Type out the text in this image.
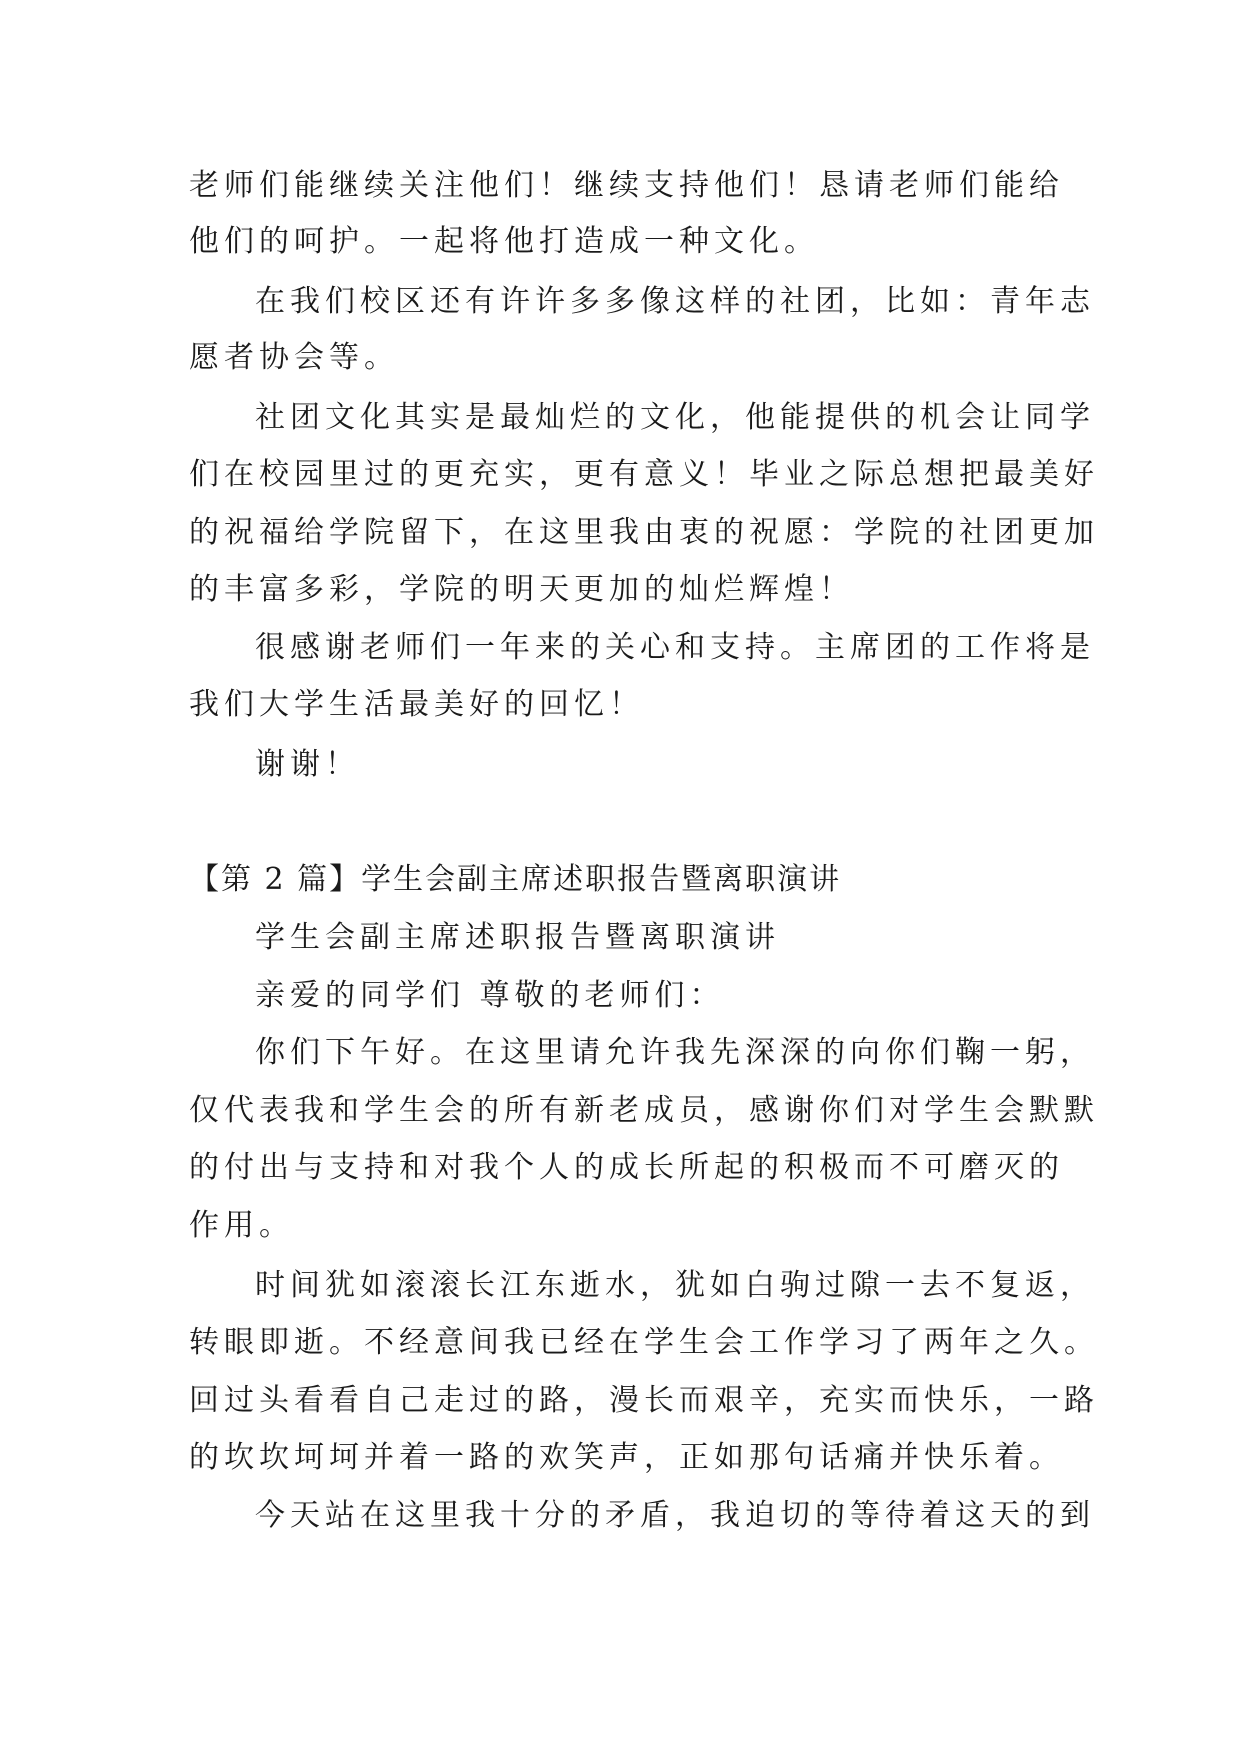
老师们能继续关注他们！继续支持他们！恳请老师们能给
他们的呵护。一起将他打造成一种文化。
在我们校区还有许许多多像这样的社团，比如：青年志
愿者协会等。
社团文化其实是最灿烂的文化，他能提供的机会让同学
们在校园里过的更充实，更有意义！毕业之际总想把最美好
的祝福给学院留下，在这里我由衷的祝愿：学院的社团更加
的丰富多彩，学院的明天更加的灿烂辉煌！
很感谢老师们一年来的关心和支持。主席团的工作将是
我们大学生活最美好的回忆！
谢谢！
【第 2 篇】学生会副主席述职报告暨离职演讲
学生会副主席述职报告暨离职演讲
亲爱的同学们 尊敬的老师们：
你们下午好。在这里请允许我先深深的向你们鞠一躬，
仅代表我和学生会的所有新老成员，感谢你们对学生会默默
的付出与支持和对我个人的成长所起的积极而不可磨灭的
作用。
时间犹如滚滚长江东逝水，犹如白驹过隙一去不复返，
转眼即逝。不经意间我已经在学生会工作学习了两年之久。
回过头看看自己走过的路，漫长而艰辛，充实而快乐，一路
的坎坎坷坷并着一路的欢笑声，正如那句话痛并快乐着。
今天站在这里我十分的矛盾，我迫切的等待着这天的到
